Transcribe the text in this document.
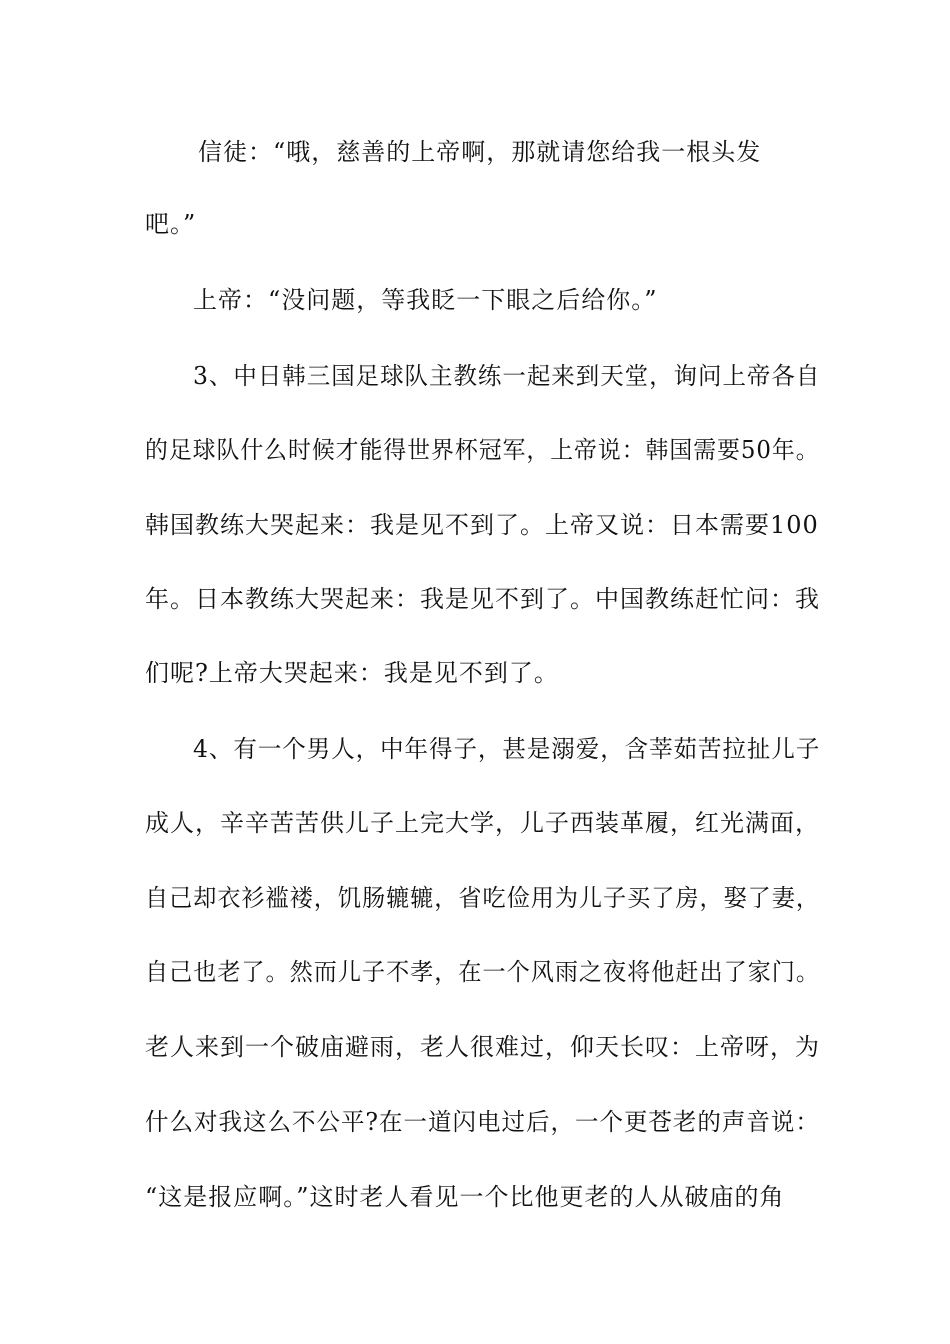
信徒：“哦，慈善的上帝啊，那就请您给我一根头发
吧。”
上帝：“没问题，等我眨一下眼之后给你。”
3、中日韩三国足球队主教练一起来到天堂，询问上帝各自
的足球队什么时候才能得世界杯冠军，上帝说：韩国需要50年。
韩国教练大哭起来：我是见不到了。上帝又说：日本需要100
年。日本教练大哭起来：我是见不到了。中国教练赶忙问：我
们呢?上帝大哭起来：我是见不到了。
4、有一个男人，中年得子，甚是溺爱，含莘茹苦拉扯儿子
成人，辛辛苦苦供儿子上完大学，儿子西装革履，红光满面，
自己却衣衫褴褛，饥肠辘辘，省吃俭用为儿子买了房，娶了妻，
自己也老了。然而儿子不孝，在一个风雨之夜将他赶出了家门。
老人来到一个破庙避雨，老人很难过，仰天长叹：上帝呀，为
什么对我这么不公平?在一道闪电过后，一个更苍老的声音说：
“这是报应啊。”这时老人看见一个比他更老的人从破庙的角
